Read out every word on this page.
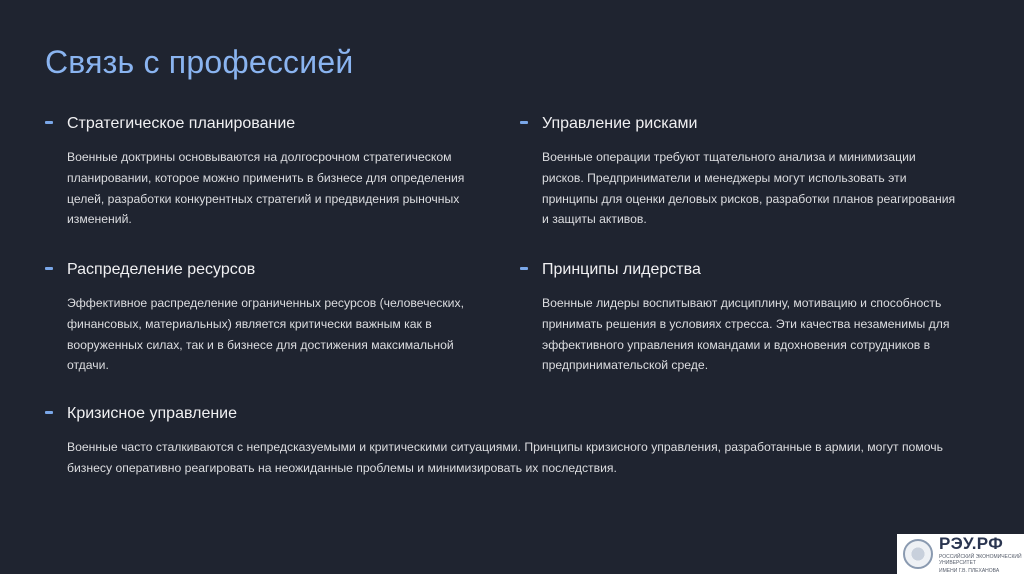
Связь с профессией
Стратегическое планирование
Военные доктрины основываются на долгосрочном стратегическом планировании, которое можно применить в бизнесе для определения целей, разработки конкурентных стратегий и предвидения рыночных изменений.
Управление рисками
Военные операции требуют тщательного анализа и минимизации рисков. Предприниматели и менеджеры могут использовать эти принципы для оценки деловых рисков, разработки планов реагирования и защиты активов.
Распределение ресурсов
Эффективное распределение ограниченных ресурсов (человеческих, финансовых, материальных) является критически важным как в вооруженных силах, так и в бизнесе для достижения максимальной отдачи.
Принципы лидерства
Военные лидеры воспитывают дисциплину, мотивацию и способность принимать решения в условиях стресса. Эти качества незаменимы для эффективного управления командами и вдохновения сотрудников в предпринимательской среде.
Кризисное управление
Военные часто сталкиваются с непредсказуемыми и критическими ситуациями. Принципы кризисного управления, разработанные в армии, могут помочь бизнесу оперативно реагировать на неожиданные проблемы и минимизировать их последствия.
РЭУ.РФ
РОССИЙСКИЙ ЭКОНОМИЧЕСКИЙ УНИВЕРСИТЕТ
ИМЕНИ Г.В. ПЛЕХАНОВА
